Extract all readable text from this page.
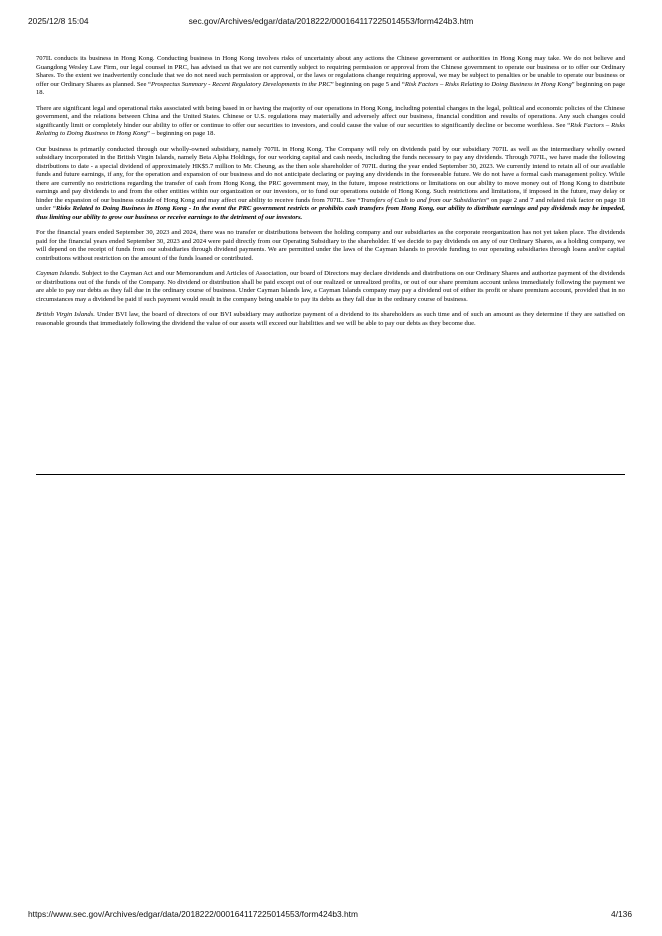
2025/12/8 15:04	sec.gov/Archives/edgar/data/2018222/000164117225014553/form424b3.htm

707IL conducts its business in Hong Kong. Conducting business in Hong Kong involves risks of uncertainty about any actions the Chinese government or authorities in Hong Kong may take. We do not believe and Guangdong Wesley Law Firm, our legal counsel in PRC, has advised us that we are not currently subject to requiring permission or approval from the Chinese government to operate our business or to offer our Ordinary Shares. To the extent we inadvertently conclude that we do not need such permission or approval, or the laws or regulations change requiring approval, we may be subject to penalties or be unable to operate our business or offer our Ordinary Shares as planned. See “Prospectus Summary - Recent Regulatory Developments in the PRC” beginning on page 5 and “Risk Factors – Risks Relating to Doing Business in Hong Kong” beginning on page 18.

There are significant legal and operational risks associated with being based in or having the majority of our operations in Hong Kong, including potential changes in the legal, political and economic policies of the Chinese government, and the relations between China and the United States. Chinese or U.S. regulations may materially and adversely affect our business, financial condition and results of operations. Any such changes could significantly limit or completely hinder our ability to offer or continue to offer our securities to investors, and could cause the value of our securities to significantly decline or become worthless. See “Risk Factors – Risks Relating to Doing Business in Hong Kong” – beginning on page 18.

Our business is primarily conducted through our wholly-owned subsidiary, namely 707IL in Hong Kong. The Company will rely on dividends paid by our subsidiary 707IL as well as the intermediary wholly owned subsidiary incorporated in the British Virgin Islands, namely Beta Alpha Holdings, for our working capital and cash needs, including the funds necessary to pay any dividends. Through 707IL, we have made the following distributions to date - a special dividend of approximately HK$5.7 million to Mr. Cheung, as the then sole shareholder of 707IL during the year ended September 30, 2023. We currently intend to retain all of our available funds and future earnings, if any, for the operation and expansion of our business and do not anticipate declaring or paying any dividends in the foreseeable future. We do not have a formal cash management policy. While there are currently no restrictions regarding the transfer of cash from Hong Kong, the PRC government may, in the future, impose restrictions or limitations on our ability to move money out of Hong Kong to distribute earnings and pay dividends to and from the other entities within our organization or our investors, or to fund our operations outside of Hong Kong. Such restrictions and limitations, if imposed in the future, may delay or hinder the expansion of our business outside of Hong Kong and may affect our ability to receive funds from 707IL. See “Transfers of Cash to and from our Subsidiaries” on page 2 and 7 and related risk factor on page 18 under “Risks Related to Doing Business in Hong Kong - In the event the PRC government restricts or prohibits cash transfers from Hong Kong, our ability to distribute earnings and pay dividends may be impeded, thus limiting our ability to grow our business or receive earnings to the detriment of our investors.

For the financial years ended September 30, 2023 and 2024, there was no transfer or distributions between the holding company and our subsidiaries as the corporate reorganization has not yet taken place. The dividends paid for the financial years ended September 30, 2023 and 2024 were paid directly from our Operating Subsidiary to the shareholder. If we decide to pay dividends on any of our Ordinary Shares, as a holding company, we will depend on the receipt of funds from our subsidiaries through dividend payments. We are permitted under the laws of the Cayman Islands to provide funding to our operating subsidiaries through loans and/or capital contributions without restriction on the amount of the funds loaned or contributed.

Cayman Islands. Subject to the Cayman Act and our Memorandum and Articles of Association, our board of Directors may declare dividends and distributions on our Ordinary Shares and authorize payment of the dividends or distributions out of the funds of the Company. No dividend or distribution shall be paid except out of our realized or unrealized profits, or out of our share premium account unless immediately following the payment we are able to pay our debts as they fall due in the ordinary course of business. Under Cayman Islands law, a Cayman Islands company may pay a dividend out of either its profit or share premium account, provided that in no circumstances may a dividend be paid if such payment would result in the company being unable to pay its debts as they fall due in the ordinary course of business.

British Virgin Islands. Under BVI law, the board of directors of our BVI subsidiary may authorize payment of a dividend to its shareholders as such time and of such an amount as they determine if they are satisfied on reasonable grounds that immediately following the dividend the value of our assets will exceed our liabilities and we will be able to pay our debts as they become due.

https://www.sec.gov/Archives/edgar/data/2018222/000164117225014553/form424b3.htm	4/136
